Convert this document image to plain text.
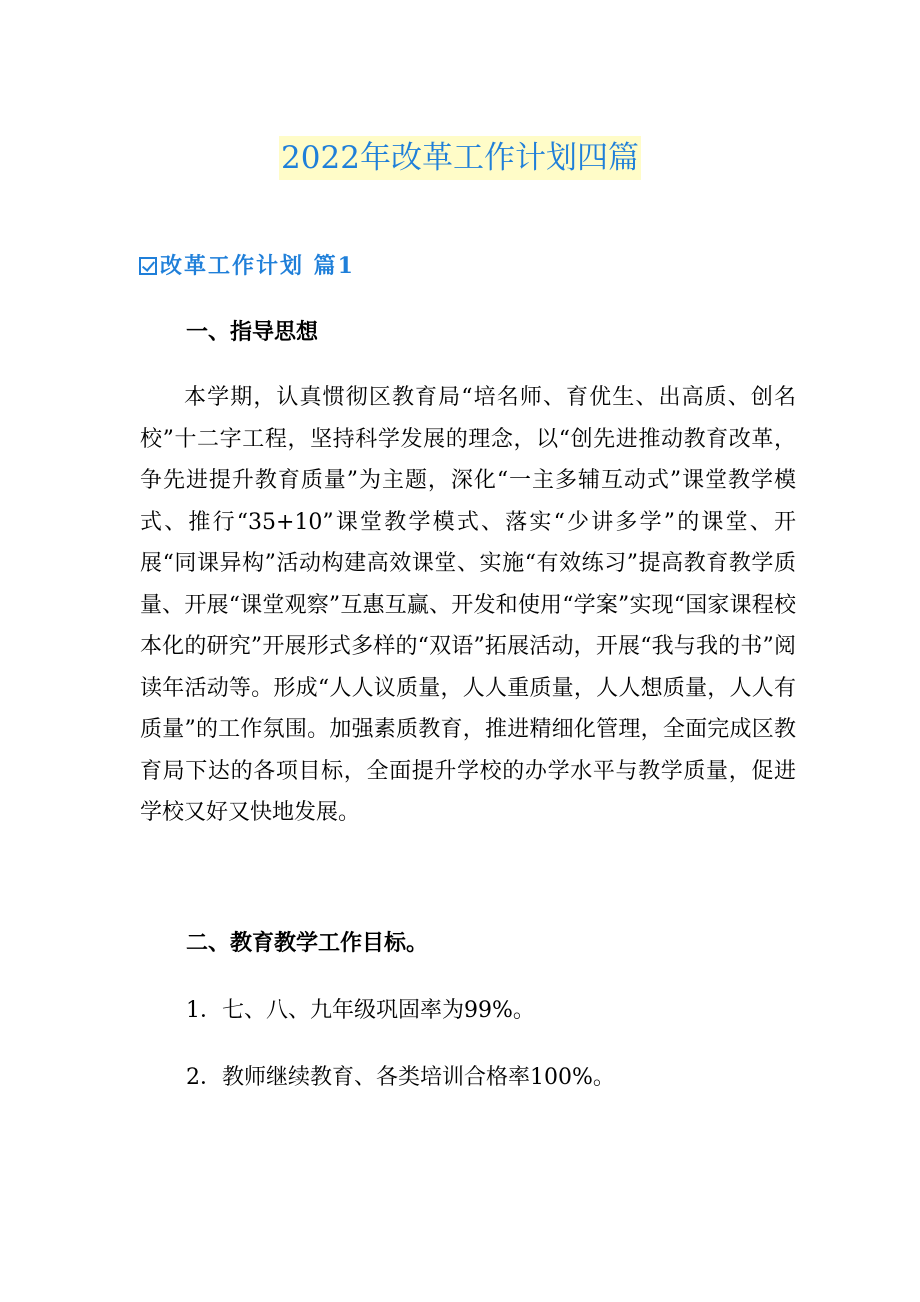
2022年改革工作计划四篇
改革工作计划 篇1
一、指导思想

本学期，认真惯彻区教育局“培名师、育优生、出高质、创名校”十二字工程，坚持科学发展的理念，以“创先进推动教育改革，争先进提升教育质量”为主题，深化“一主多辅互动式”课堂教学模式、推行“35+10”课堂教学模式、落实“少讲多学”的课堂、开展“同课异构”活动构建高效课堂、实施“有效练习”提高教育教学质量、开展“课堂观察”互惠互赢、开发和使用“学案”实现“国家课程校本化的研究”开展形式多样的“双语”拓展活动，开展“我与我的书”阅读年活动等。形成“人人议质量，人人重质量，人人想质量，人人有质量”的工作氛围。加强素质教育，推进精细化管理，全面完成区教育局下达的各项目标，全面提升学校的办学水平与教学质量，促进学校又好又快地发展。

二、教育教学工作目标。
1．七、八、九年级巩固率为99%。
2．教师继续教育、各类培训合格率100%。
